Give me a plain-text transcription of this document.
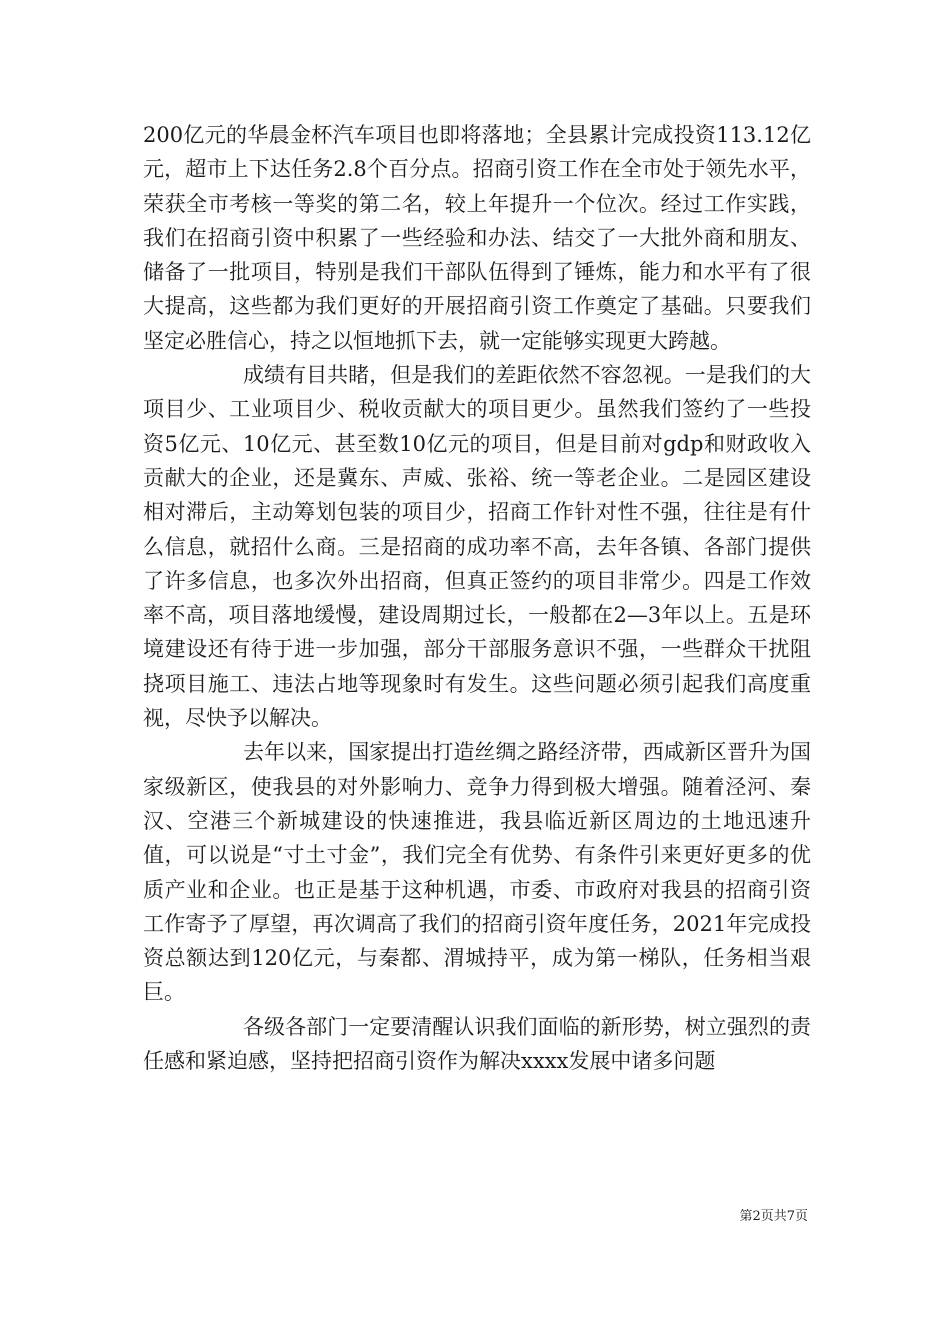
200亿元的华晨金杯汽车项目也即将落地；全县累计完成投资113.12亿元，超市上下达任务2.8个百分点。招商引资工作在全市处于领先水平，荣获全市考核一等奖的第二名，较上年提升一个位次。经过工作实践，我们在招商引资中积累了一些经验和办法、结交了一大批外商和朋友、储备了一批项目，特别是我们干部队伍得到了锤炼，能力和水平有了很大提高，这些都为我们更好的开展招商引资工作奠定了基础。只要我们坚定必胜信心，持之以恒地抓下去，就一定能够实现更大跨越。

成绩有目共睹，但是我们的差距依然不容忽视。一是我们的大项目少、工业项目少、税收贡献大的项目更少。虽然我们签约了一些投资5亿元、10亿元、甚至数10亿元的项目，但是目前对gdp和财政收入贡献大的企业，还是冀东、声威、张裕、统一等老企业。二是园区建设相对滞后，主动筹划包装的项目少，招商工作针对性不强，往往是有什么信息，就招什么商。三是招商的成功率不高，去年各镇、各部门提供了许多信息，也多次外出招商，但真正签约的项目非常少。四是工作效率不高，项目落地缓慢，建设周期过长，一般都在2—3年以上。五是环境建设还有待于进一步加强，部分干部服务意识不强，一些群众干扰阻挠项目施工、违法占地等现象时有发生。这些问题必须引起我们高度重视，尽快予以解决。

去年以来，国家提出打造丝绸之路经济带，西咸新区晋升为国家级新区，使我县的对外影响力、竞争力得到极大增强。随着泾河、秦汉、空港三个新城建设的快速推进，我县临近新区周边的土地迅速升值，可以说是“寸土寸金”，我们完全有优势、有条件引来更好更多的优质产业和企业。也正是基于这种机遇，市委、市政府对我县的招商引资工作寄予了厚望，再次调高了我们的招商引资年度任务，2021年完成投资总额达到120亿元，与秦都、渭城持平，成为第一梯队，任务相当艰巨。

各级各部门一定要清醒认识我们面临的新形势，树立强烈的责任感和紧迫感，坚持把招商引资作为解决xxxx发展中诸多问题

第2页共7页
